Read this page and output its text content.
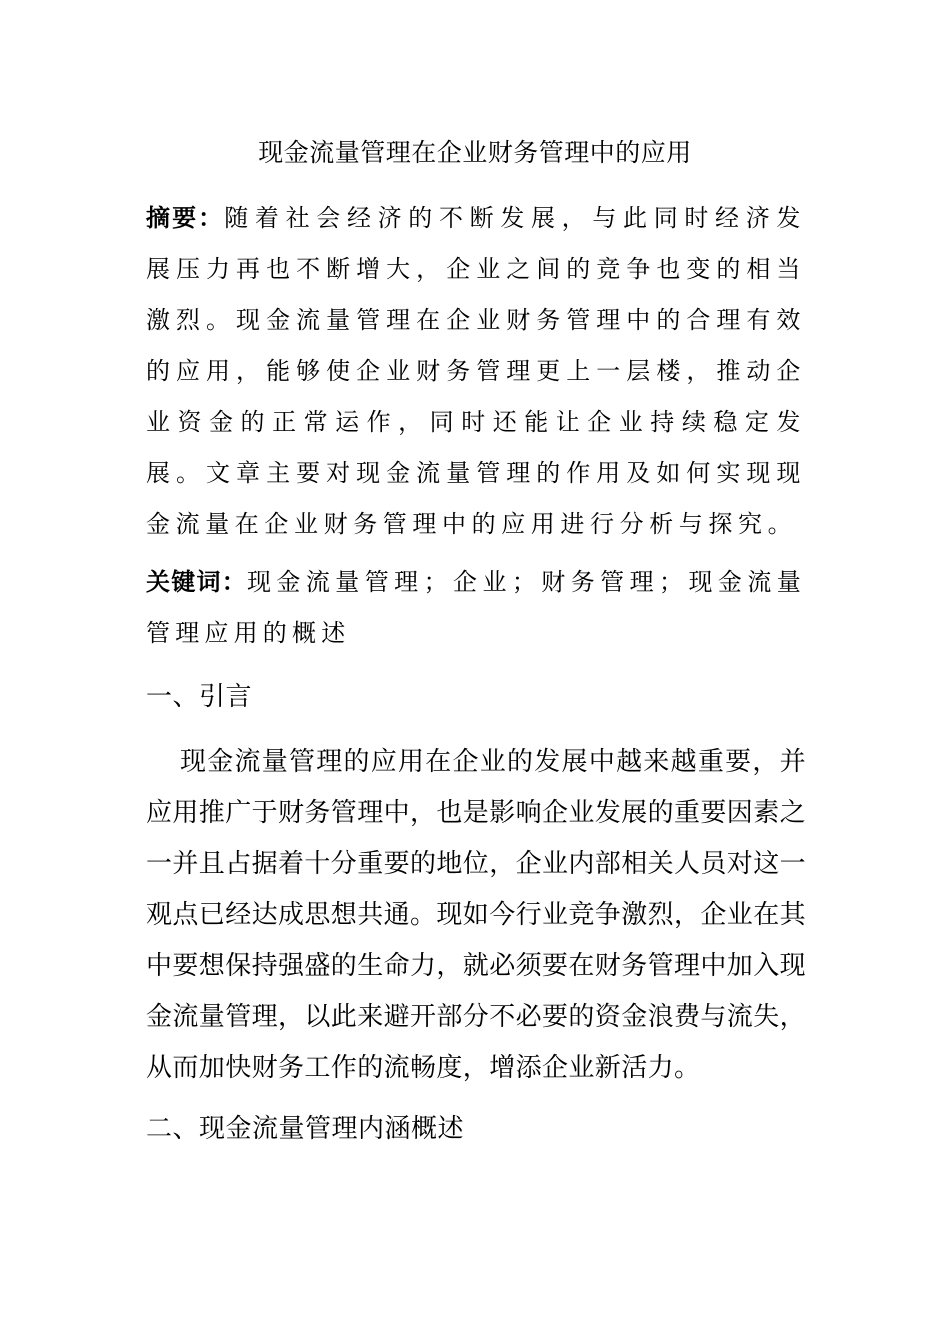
现金流量管理在企业财务管理中的应用
摘要：随着社会经济的不断发展，与此同时经济发展压力再也不断增大，企业之间的竞争也变的相当激烈。现金流量管理在企业财务管理中的合理有效的应用，能够使企业财务管理更上一层楼，推动企业资金的正常运作，同时还能让企业持续稳定发展。文章主要对现金流量管理的作用及如何实现现金流量在企业财务管理中的应用进行分析与探究。
关键词：现金流量管理；企业；财务管理；现金流量管理应用的概述
一、引言
现金流量管理的应用在企业的发展中越来越重要，并应用推广于财务管理中，也是影响企业发展的重要因素之一并且占据着十分重要的地位，企业内部相关人员对这一观点已经达成思想共通。现如今行业竞争激烈，企业在其中要想保持强盛的生命力，就必须要在财务管理中加入现金流量管理，以此来避开部分不必要的资金浪费与流失，从而加快财务工作的流畅度，增添企业新活力。
二、现金流量管理内涵概述
